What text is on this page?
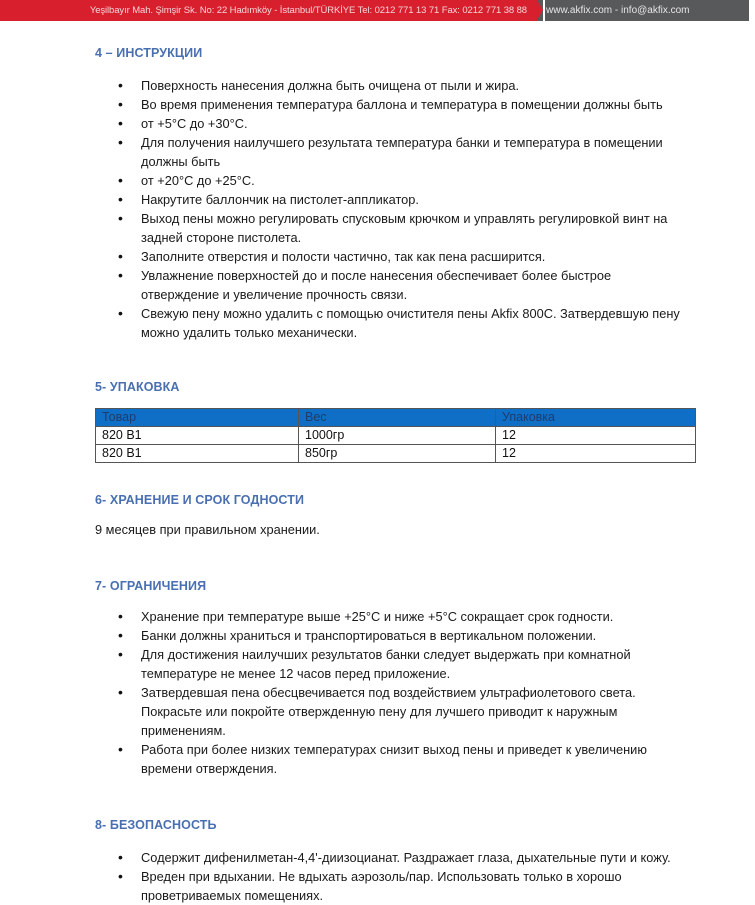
Yeşilbayır Mah. Şimşir Sk. No: 22 Hadımköy - İstanbul/TÜRKİYE Tel: 0212 771 13 71 Fax: 0212 771 38 88	www.akfix.com - info@akfix.com
4 – ИНСТРУКЦИИ
• Поверхность нанесения должна быть очищена от пыли и жира.
• Во время применения температура баллона и температура в помещении должны быть
• от +5°C до +30°C.
• Для получения наилучшего результата температура банки и температура в помещении должны быть
• от +20°C до +25°C.
• Накрутите баллончик на пистолет-аппликатор.
• Выход пены можно регулировать спусковым крючком и управлять регулировкой винт на задней стороне пистолета.
• Заполните отверстия и полости частично, так как пена расширится.
• Увлажнение поверхностей до и после нанесения обеспечивает более быстрое отверждение и увеличение прочность связи.
• Свежую пену можно удалить с помощью очистителя пены Akfix 800C. Затвердевшую пену можно удалить только механически.
5- УПАКОВКА
Товар	Вес	Упаковка
820 B1	1000гр	12
820 B1	850гр	12
6- ХРАНЕНИЕ И СРОК ГОДНОСТИ

9 месяцев при правильном хранении.

7- ОГРАНИЧЕНИЯ
• Хранение при температуре выше +25°C и ниже +5°C сокращает срок годности.
• Банки должны храниться и транспортироваться в вертикальном положении.
• Для достижения наилучших результатов банки следует выдержать при комнатной температуре не менее 12 часов перед приложение.
• Затвердевшая пена обесцвечивается под воздействием ультрафиолетового света. Покрасьте или покройте отвержденную пену для лучшего приводит к наружным применениям.
• Работа при более низких температурах снизит выход пены и приведет к увеличению времени отверждения.
8- БЕЗОПАСНОСТЬ
• Содержит дифенилметан-4,4'-диизоцианат. Раздражает глаза, дыхательные пути и кожу.
• Вреден при вдыхании. Не вдыхать аэрозоль/пар. Использовать только в хорошо проветриваемых помещениях.
